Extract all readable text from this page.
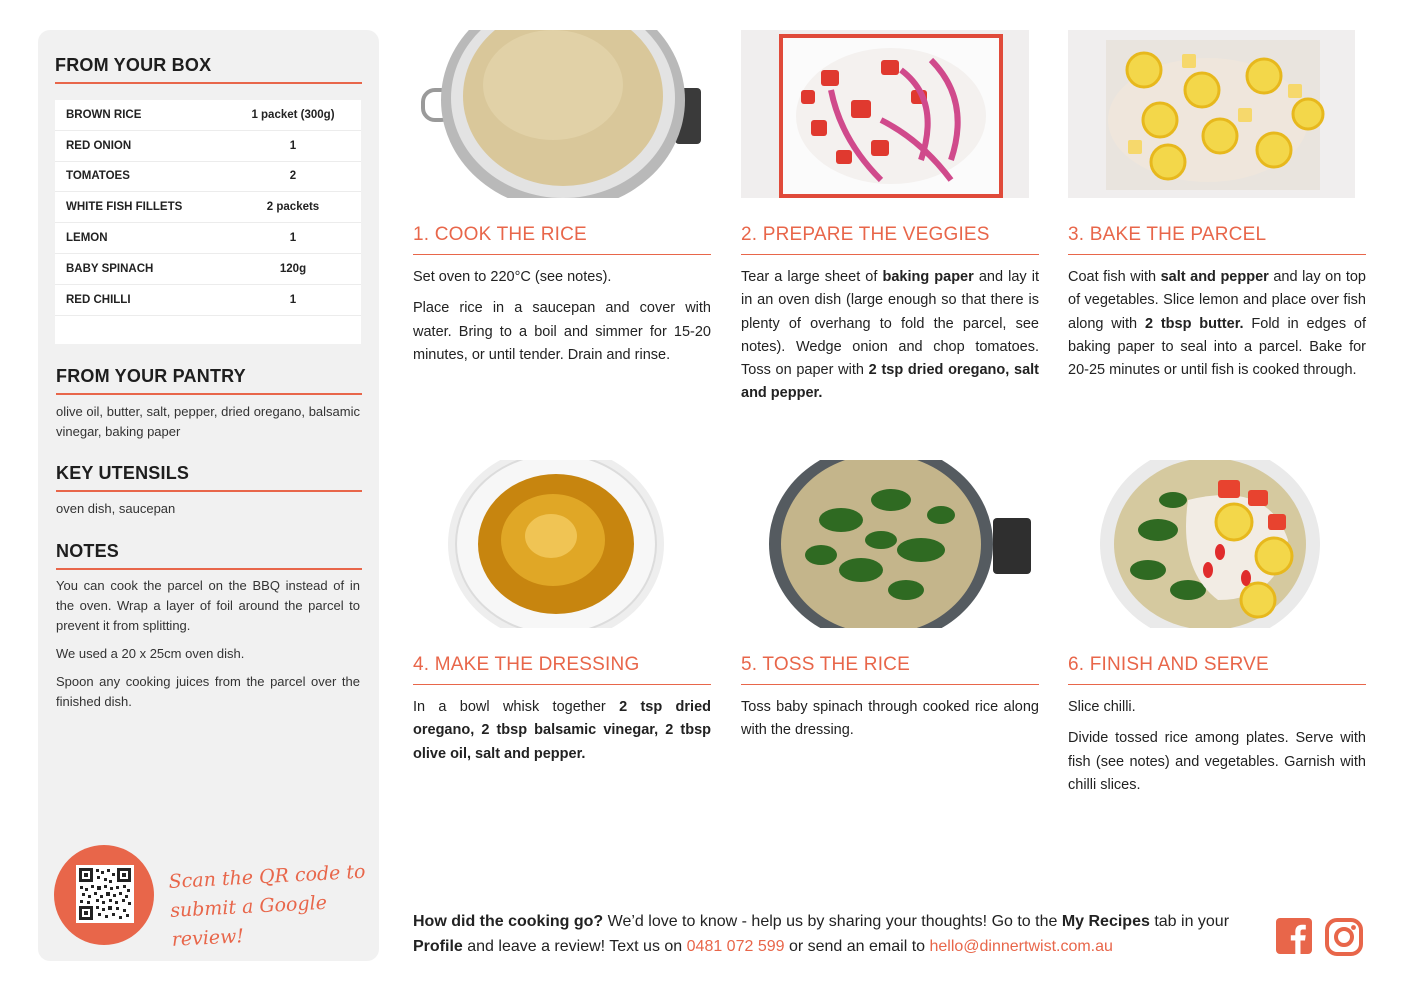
FROM YOUR BOX
BROWN RICE	1 packet (300g)
RED ONION	1
TOMATOES	2
WHITE FISH FILLETS	2 packets
LEMON	1
BABY SPINACH	120g
RED CHILLI	1
FROM YOUR PANTRY
olive oil, butter, salt, pepper, dried oregano, balsamic vinegar, baking paper
KEY UTENSILS
oven dish, saucepan
NOTES

You can cook the parcel on the BBQ instead of in the oven. Wrap a layer of foil around the parcel to prevent it from splitting.

We used a 20 x 25cm oven dish.

Spoon any cooking juices from the parcel over the finished dish.

Scan the QR code to
submit a Google review!
1. COOK THE RICE

Set oven to 220°C (see notes).

Place rice in a saucepan and cover with water. Bring to a boil and simmer for 15-20 minutes, or until tender. Drain and rinse.

2. PREPARE THE VEGGIES

Tear a large sheet of baking paper and lay it in an oven dish (large enough so that there is plenty of overhang to fold the parcel, see notes). Wedge onion and chop tomatoes. Toss on paper with 2 tsp dried oregano, salt and pepper.

3. BAKE THE PARCEL

Coat fish with salt and pepper and lay on top of vegetables. Slice lemon and place over fish along with 2 tbsp butter. Fold in edges of baking paper to seal into a parcel. Bake for 20-25 minutes or until fish is cooked through.

4. MAKE THE DRESSING

In a bowl whisk together 2 tsp dried oregano, 2 tbsp balsamic vinegar, 2 tbsp olive oil, salt and pepper.

5. TOSS THE RICE

Toss baby spinach through cooked rice along with the dressing.

6. FINISH AND SERVE

Slice chilli.

Divide tossed rice among plates. Serve with fish (see notes) and vegetables. Garnish with chilli slices.

How did the cooking go? We’d love to know - help us by sharing your thoughts! Go to the My Recipes tab in your Profile and leave a review! Text us on 0481 072 599 or send an email to hello@dinnertwist.com.au
